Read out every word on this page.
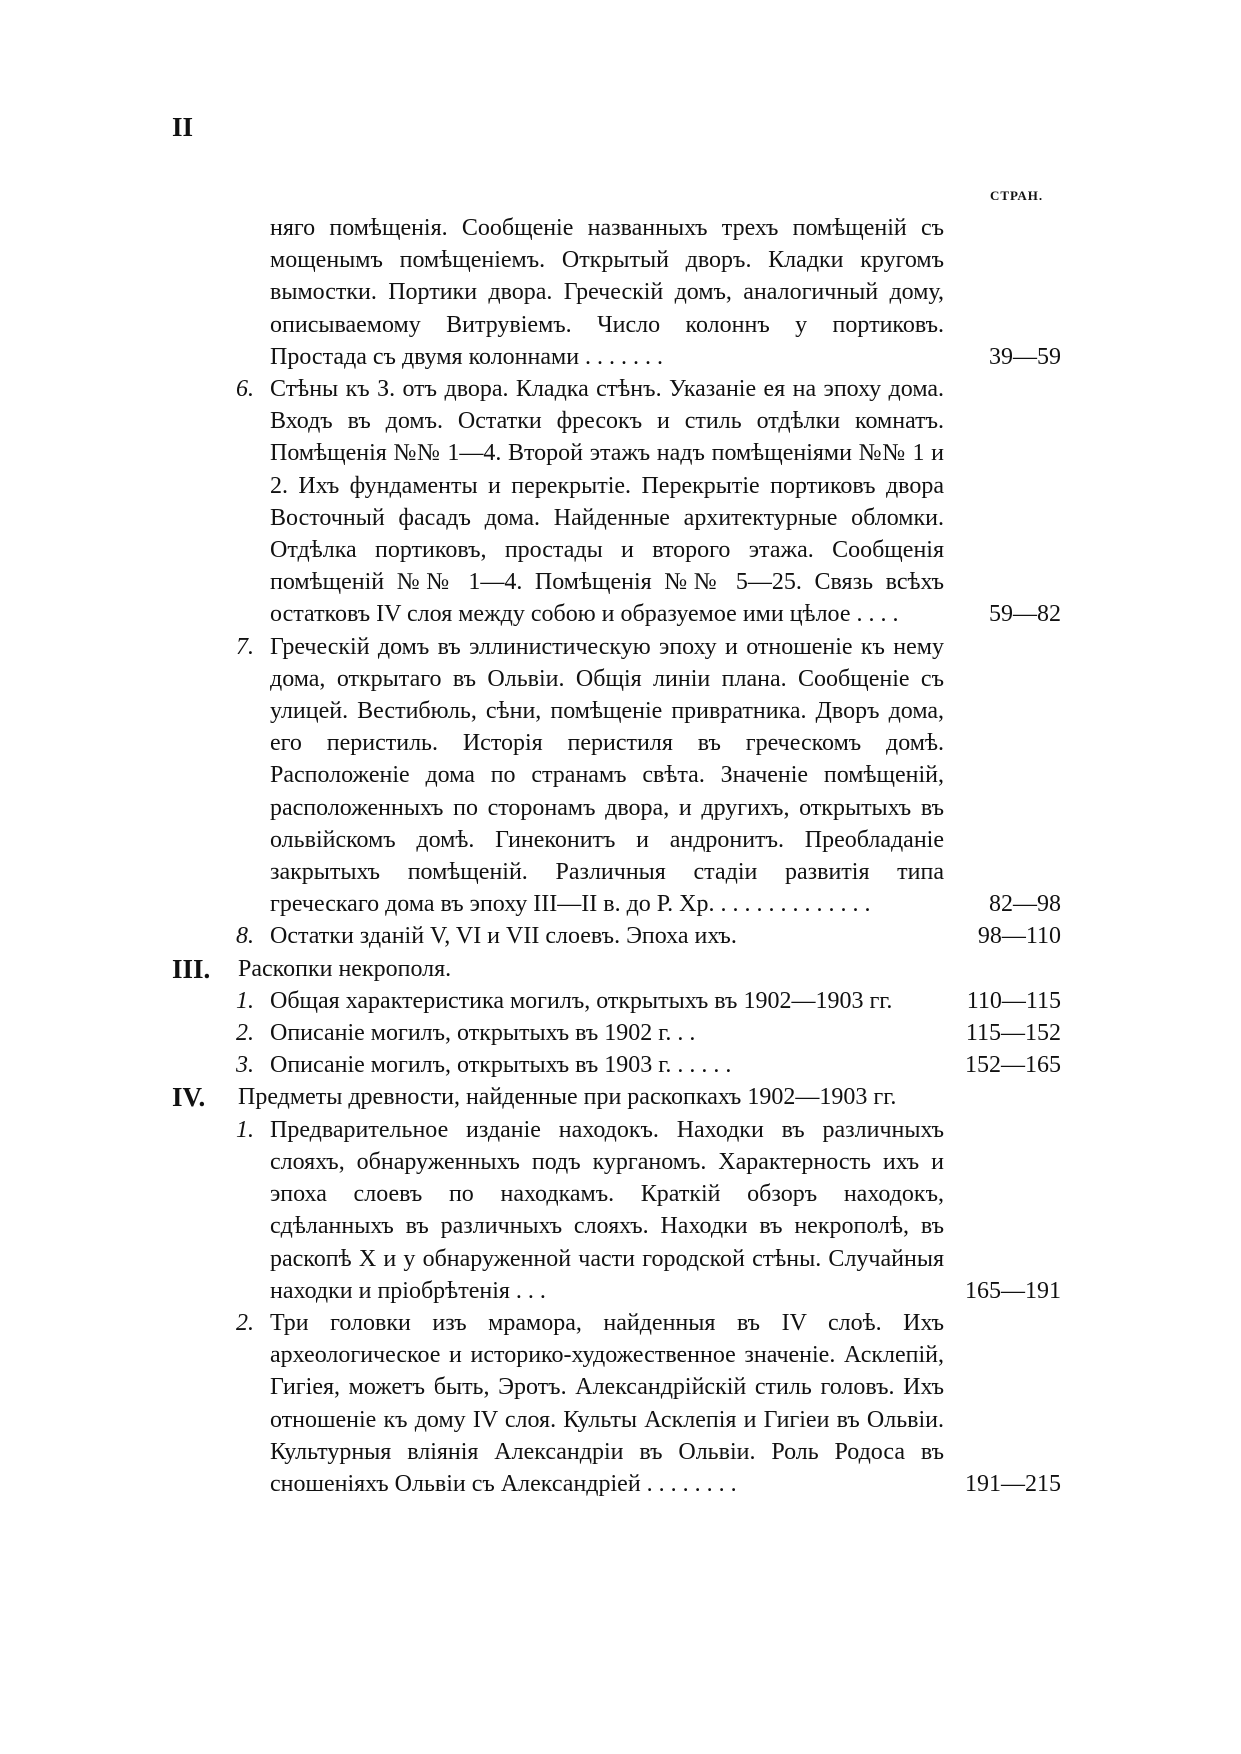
II
СТРАН.
няго помѣщенія. Сообщеніе названныхъ трехъ помѣщеній съ мощенымъ помѣщеніемъ. Открытый дворъ. Кладки кругомъ вымостки. Портики двора. Греческій домъ, аналогичный дому, описываемому Витрувіемъ. Число колоннъ у портиковъ. Простада съ двумя колоннами . . . . . . .	39—59
6. Стѣны къ З. отъ двора. Кладка стѣнъ. Указаніе ея на эпоху дома. Входъ въ домъ. Остатки фресокъ и стиль отдѣлки комнатъ. Помѣщенія №№ 1—4. Второй этажъ надъ помѣщеніями №№ 1 и 2. Ихъ фундаменты и перекрытіе. Перекрытіе портиковъ двора Восточный фасадъ дома. Найденные архитектурные обломки. Отдѣлка портиковъ, простады и второго этажа. Сообщенія помѣщеній №№ 1—4. Помѣщенія №№ 5—25. Связь всѣхъ остатковъ IV слоя между собою и образуемое ими цѣлое . . . .	59—82
7. Греческій домъ въ эллинистическую эпоху и отношеніе къ нему дома, открытаго въ Ольвіи. Общія линіи плана. Сообщеніе съ улицей. Вестибюль, сѣни, помѣщеніе привратника. Дворъ дома, его перистиль. Исторія перистиля въ греческомъ домѣ. Расположеніе дома по странамъ свѣта. Значеніе помѣщеній, расположенныхъ по сторонамъ двора, и другихъ, открытыхъ въ ольвійскомъ домѣ. Гинеконитъ и андронитъ. Преобладаніе закрытыхъ помѣщеній. Различныя стадіи развитія типа греческаго дома въ эпоху III—II в. до Р. Хр. . . . . . . . . . . . . .	82—98
8. Остатки зданій V, VI и VII слоевъ. Эпоха ихъ.	98—110
III. Раскопки некрополя.
1. Общая характеристика могилъ, открытыхъ въ 1902—1903 гг.	110—115
2. Описаніе могилъ, открытыхъ въ 1902 г. . .	115—152
3. Описаніе могилъ, открытыхъ въ 1903 г. . . . . .	152—165
IV. Предметы древности, найденные при раскопкахъ 1902—1903 гг.
1. Предварительное изданіе находокъ. Находки въ различныхъ слояхъ, обнаруженныхъ подъ курганомъ. Характерность ихъ и эпоха слоевъ по находкамъ. Краткій обзоръ находокъ, сдѣланныхъ въ различныхъ слояхъ. Находки въ некрополѣ, въ раскопѣ X и у обнаруженной части городской стѣны. Случайныя находки и пріобрѣтенія . . .	165—191
2. Три головки изъ мрамора, найденныя въ IV слоѣ. Ихъ археологическое и историко-художественное значеніе. Асклепій, Гигіея, можетъ быть, Эротъ. Александрійскій стиль головъ. Ихъ отношеніе къ дому IV слоя. Культы Асклепія и Гигіеи въ Ольвіи. Культурныя вліянія Александріи въ Ольвіи. Роль Родоса въ сношеніяхъ Ольвіи съ Александріей . . . . . . . .	191—215
